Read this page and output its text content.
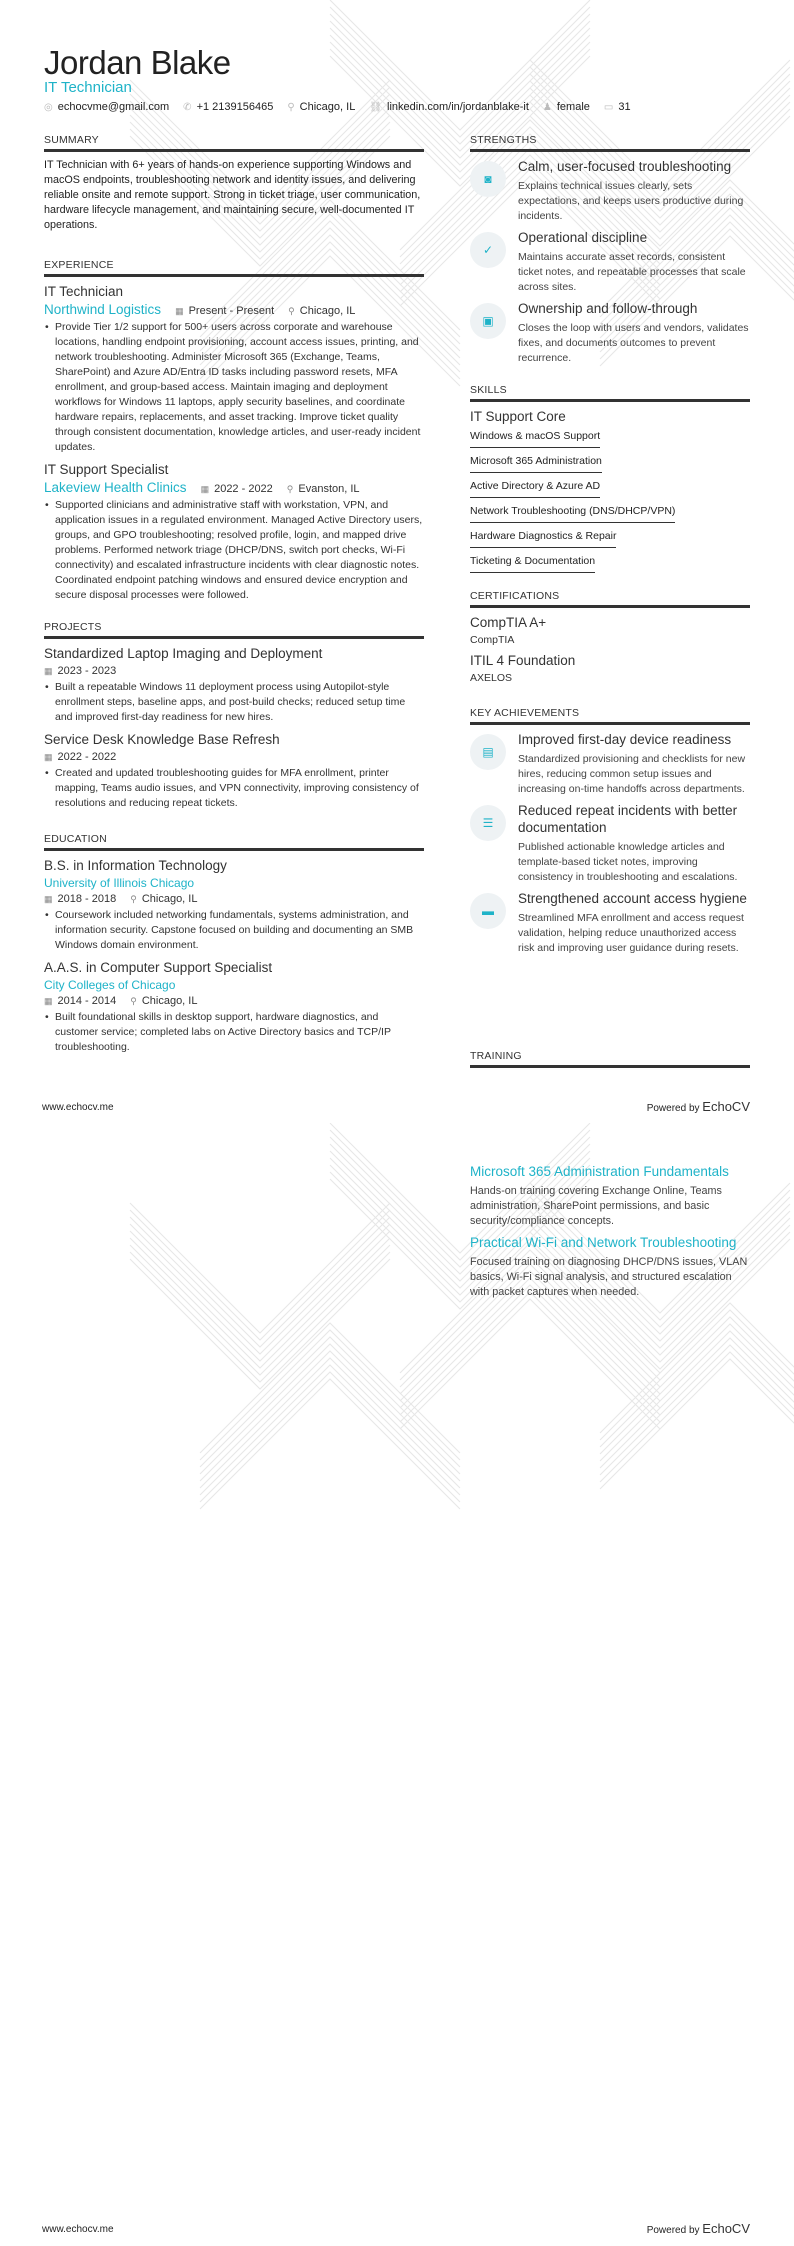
Jordan Blake
IT Technician
◎ echocvme@gmail.com ✆ +1 2139156465 ⚲ Chicago, IL ⛓ linkedin.com/in/jordanblake-it ♟ female ▭ 31
SUMMARY

IT Technician with 6+ years of hands-on experience supporting Windows and macOS endpoints, troubleshooting network and identity issues, and delivering reliable onsite and remote support. Strong in ticket triage, user communication, hardware lifecycle management, and maintaining secure, well-documented IT operations.

EXPERIENCE
IT Technician
Northwind Logistics ▦ Present - Present ⚲ Chicago, IL
• Provide Tier 1/2 support for 500+ users across corporate and warehouse locations, handling endpoint provisioning, account access issues, printing, and network troubleshooting. Administer Microsoft 365 (Exchange, Teams, SharePoint) and Azure AD/Entra ID tasks including password resets, MFA enrollment, and group-based access. Maintain imaging and deployment workflows for Windows 11 laptops, apply security baselines, and coordinate hardware repairs, replacements, and asset tracking. Improve ticket quality through consistent documentation, knowledge articles, and user-ready incident updates.
IT Support Specialist
Lakeview Health Clinics ▦ 2022 - 2022 ⚲ Evanston, IL
• Supported clinicians and administrative staff with workstation, VPN, and application issues in a regulated environment. Managed Active Directory users, groups, and GPO troubleshooting; resolved profile, login, and mapped drive problems. Performed network triage (DHCP/DNS, switch port checks, Wi-Fi connectivity) and escalated infrastructure incidents with clear diagnostic notes. Coordinated endpoint patching windows and ensured device encryption and secure disposal processes were followed.
PROJECTS
Standardized Laptop Imaging and Deployment
▦ 2023 - 2023
• Built a repeatable Windows 11 deployment process using Autopilot-style enrollment steps, baseline apps, and post-build checks; reduced setup time and improved first-day readiness for new hires.
Service Desk Knowledge Base Refresh
▦ 2022 - 2022
• Created and updated troubleshooting guides for MFA enrollment, printer mapping, Teams audio issues, and VPN connectivity, improving consistency of resolutions and reducing repeat tickets.
EDUCATION
B.S. in Information Technology
University of Illinois Chicago
▦ 2018 - 2018 ⚲ Chicago, IL
• Coursework included networking fundamentals, systems administration, and information security. Capstone focused on building and documenting an SMB Windows domain environment.
A.A.S. in Computer Support Specialist
City Colleges of Chicago
▦ 2014 - 2014 ⚲ Chicago, IL
• Built foundational skills in desktop support, hardware diagnostics, and customer service; completed labs on Active Directory basics and TCP/IP troubleshooting.
STRENGTHS
◙
Calm, user-focused troubleshooting
Explains technical issues clearly, sets expectations, and keeps users productive during incidents.
✓
Operational discipline
Maintains accurate asset records, consistent ticket notes, and repeatable processes that scale across sites.
▣
Ownership and follow-through
Closes the loop with users and vendors, validates fixes, and documents outcomes to prevent recurrence.
SKILLS
IT Support Core
Windows & macOS Support
Microsoft 365 Administration
Active Directory & Azure AD
Network Troubleshooting (DNS/DHCP/VPN)
Hardware Diagnostics & Repair
Ticketing & Documentation
CERTIFICATIONS
CompTIA A+
CompTIA
ITIL 4 Foundation
AXELOS
KEY ACHIEVEMENTS
▤
Improved first-day device readiness
Standardized provisioning and checklists for new hires, reducing common setup issues and increasing on-time handoffs across departments.
☰
Reduced repeat incidents with better documentation
Published actionable knowledge articles and template-based ticket notes, improving consistency in troubleshooting and escalations.
▬
Strengthened account access hygiene
Streamlined MFA enrollment and access request validation, helping reduce unauthorized access risk and improving user guidance during resets.
TRAINING
Microsoft 365 Administration Fundamentals

Hands-on training covering Exchange Online, Teams administration, SharePoint permissions, and basic security/compliance concepts.

Practical Wi-Fi and Network Troubleshooting

Focused training on diagnosing DHCP/DNS issues, VLAN basics, Wi-Fi signal analysis, and structured escalation with packet captures when needed.

www.echocv.me	Powered by EchoCV
www.echocv.me	Powered by EchoCV
